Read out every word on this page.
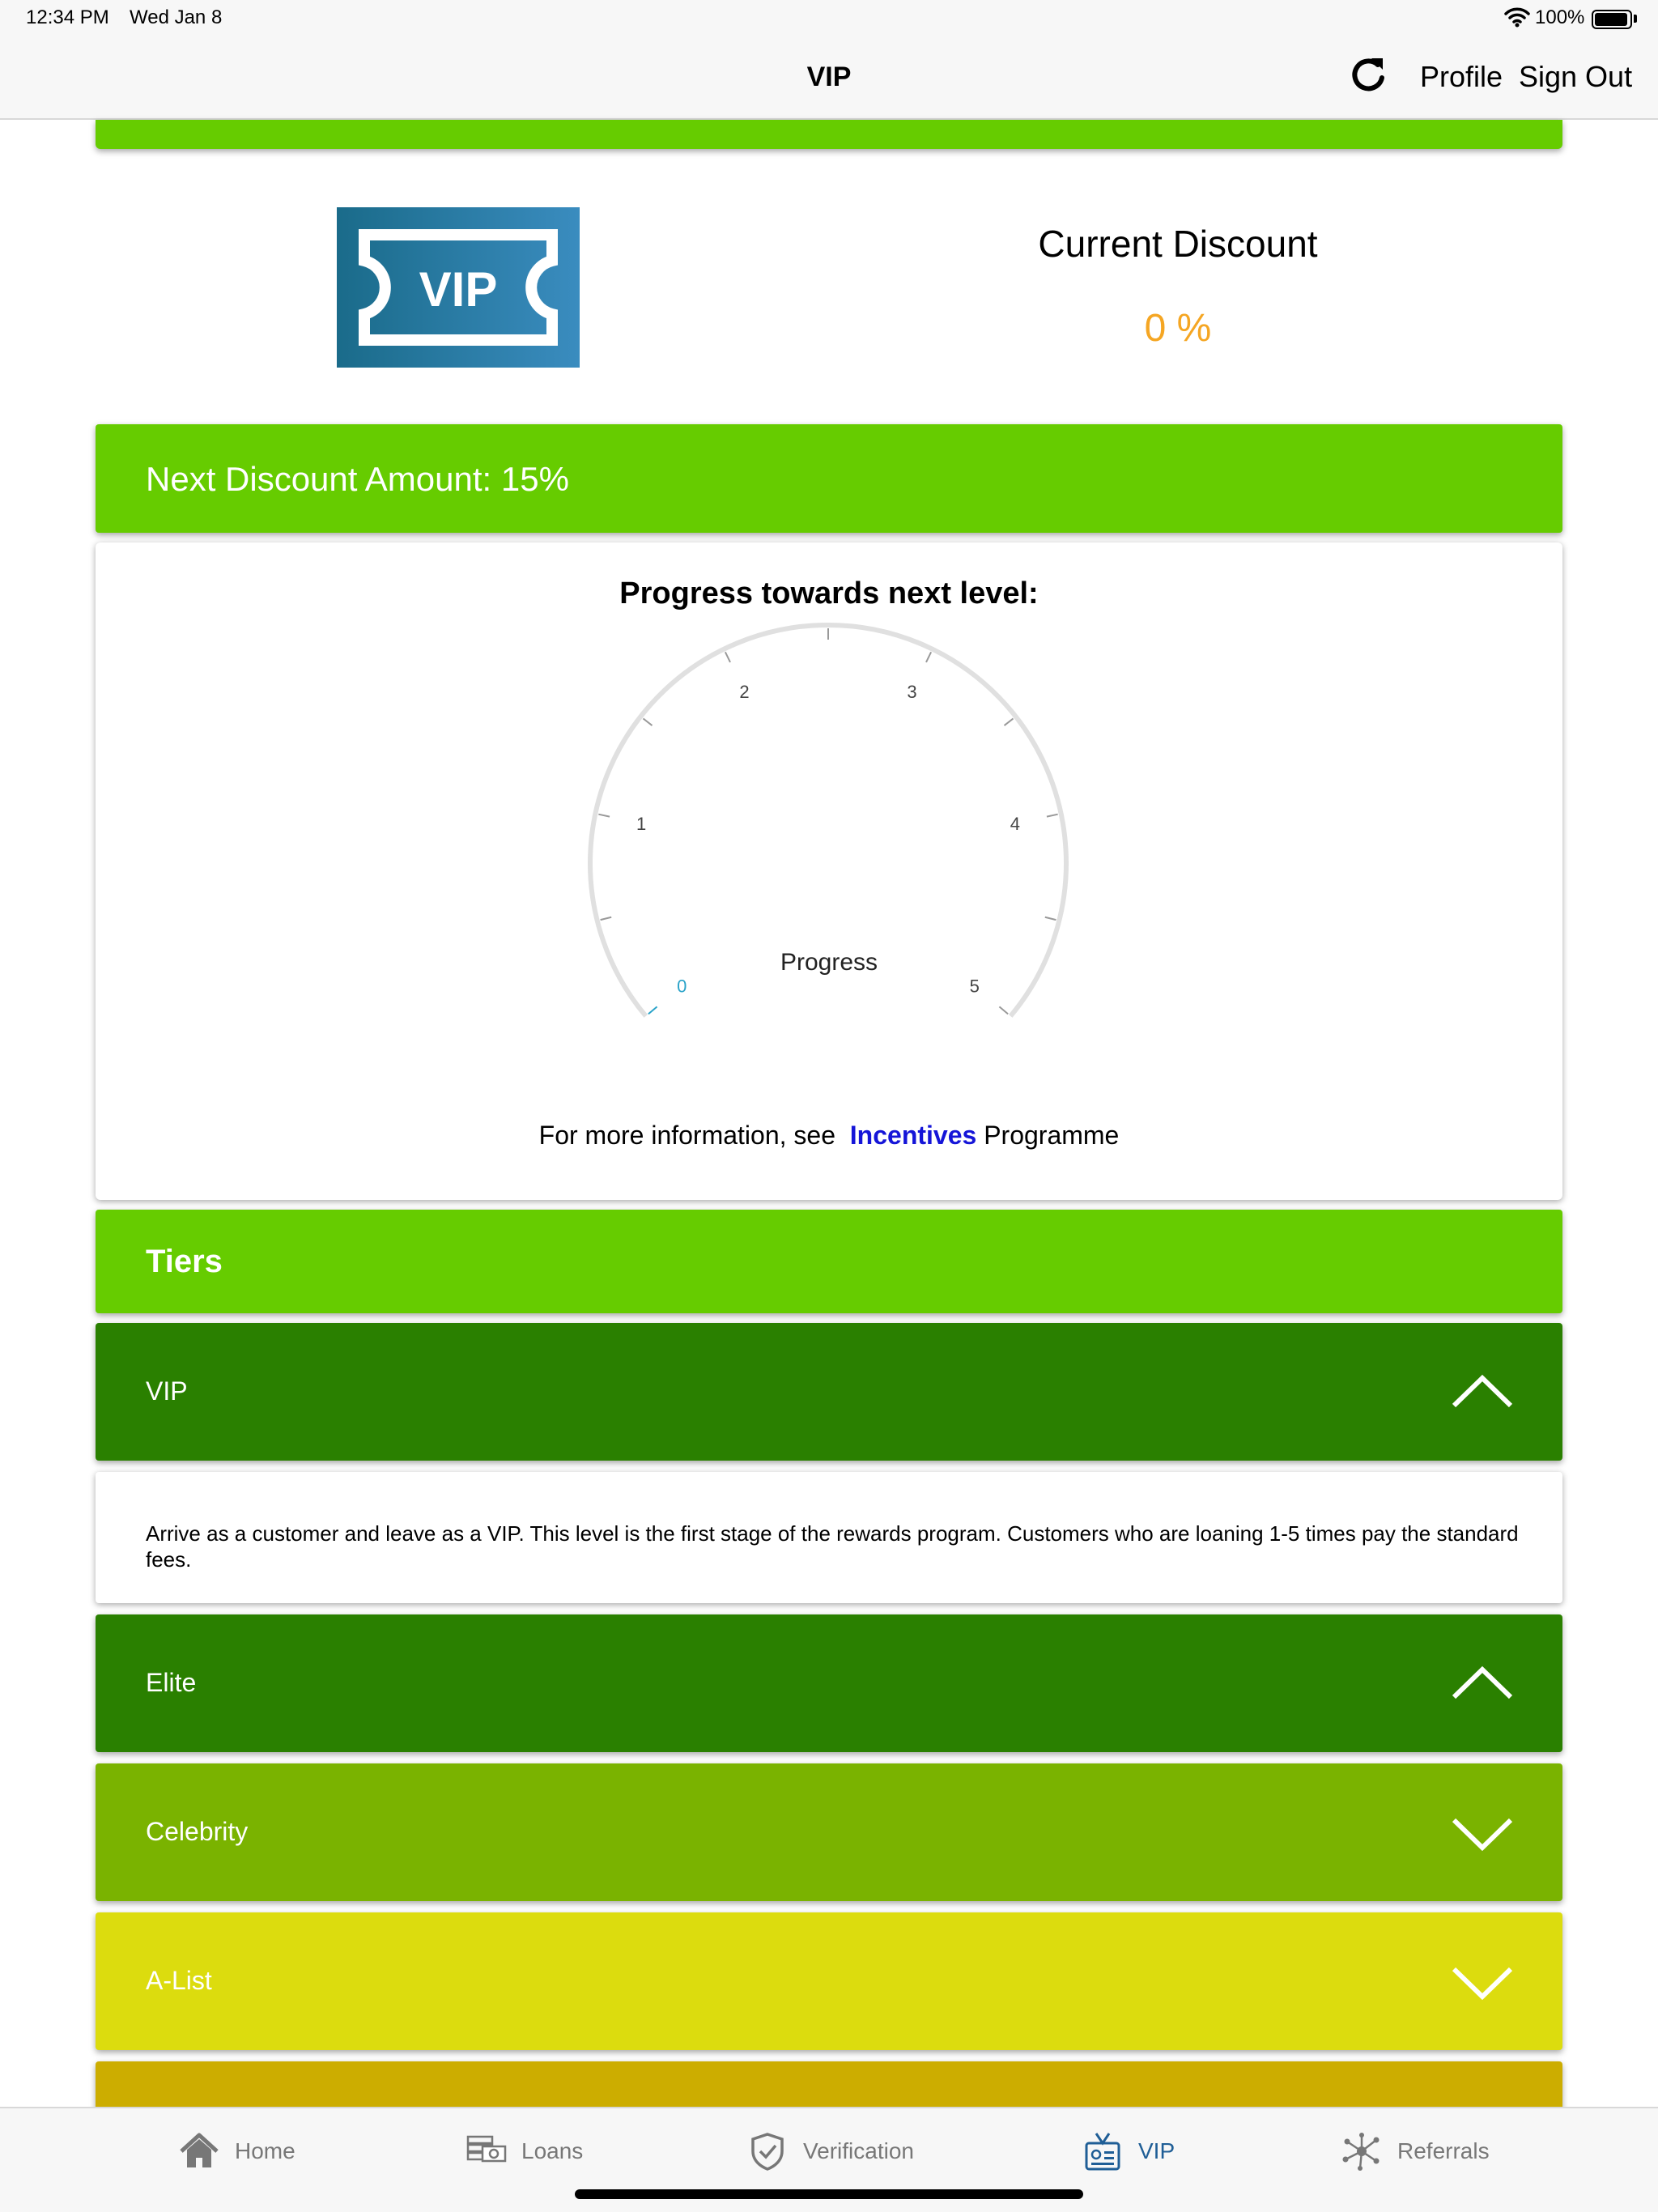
12:34 PM Wed Jan 8	100%
VIP	Profile Sign Out
VIP
Current Discount
0 %
Next Discount Amount: 15%
Progress towards next level:
0
1
2	3
4
5
Progress
For more information, see Incentives Programme
Tiers
VIP
Arrive as a customer and leave as a VIP. This level is the first stage of the rewards program. Customers who are loaning 1-5 times pay the standard fees.
Elite
Celebrity
A-List
Home	Loans	Verification	VIP	Referrals
